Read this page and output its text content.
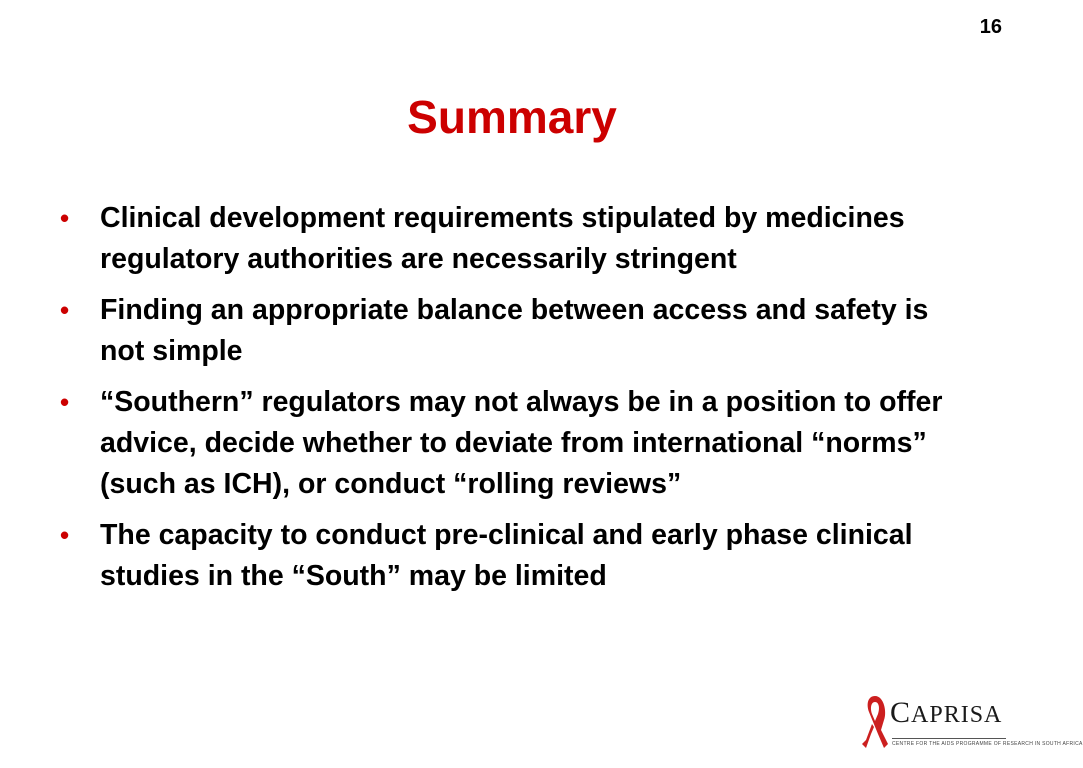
16
Summary
• Clinical development requirements stipulated by medicines regulatory authorities are necessarily stringent
• Finding an appropriate balance between access and safety is not simple
• “Southern” regulators may not always be in a position to offer advice, decide whether to deviate from international “norms” (such as ICH), or conduct “rolling reviews”
• The capacity to conduct pre-clinical and early phase clinical studies in the “South” may be limited
CAPRISA
CENTRE FOR THE AIDS PROGRAMME OF RESEARCH IN SOUTH AFRICA
